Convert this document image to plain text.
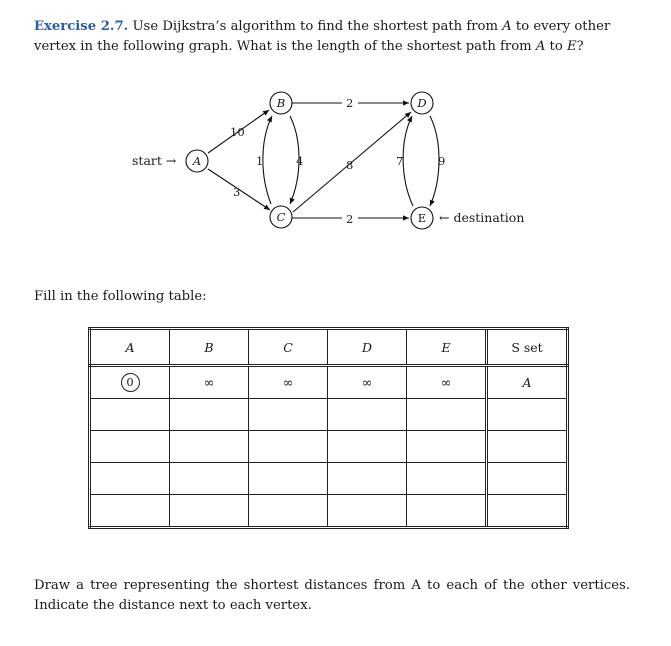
Exercise 2.7. Use Dijkstra’s algorithm to find the shortest path from A to every other vertex in the following graph. What is the length of the shortest path from A to E?
start →
10
3
1	4
2
8
2
7	9
A
B
C
D
E ← destination
Fill in the following table:
A	B	C	D	E	S set
0	∞	∞	∞	∞	A

Draw a tree representing the shortest distances from A to each of the other vertices. Indicate the distance next to each vertex.
